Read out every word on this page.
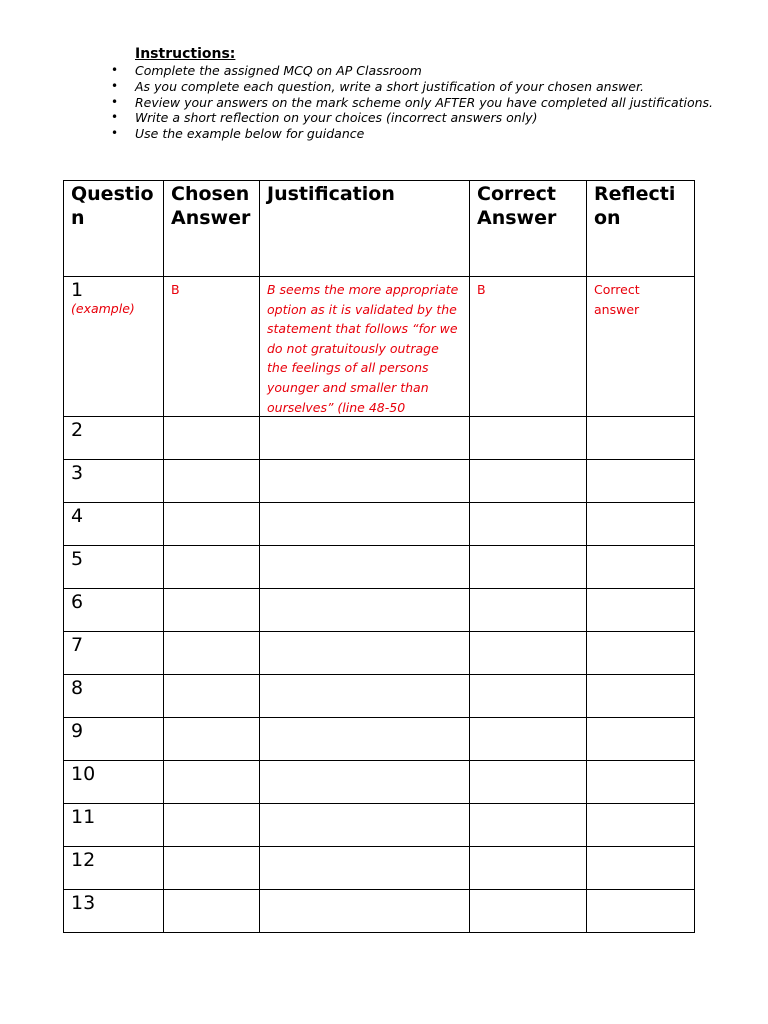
Instructions:

• Complete the assigned MCQ on AP Classroom
• As you complete each question, write a short justification of your chosen answer.
• Review your answers on the mark scheme only AFTER you have completed all justifications.
• Write a short reflection on your choices (incorrect answers only)
• Use the example below for guidance
Question	Chosen Answer	Justification	Correct Answer	Reflection

1
(example)	B	B seems the more appropriate option as it is validated by the statement that follows “for we do not gratuitously outrage the feelings of all persons younger and smaller than ourselves” (line 48-50	B	Correct answer

2				

3				

4				

5				

6				

7				

8				

9				

10				

11				

12				

13				
